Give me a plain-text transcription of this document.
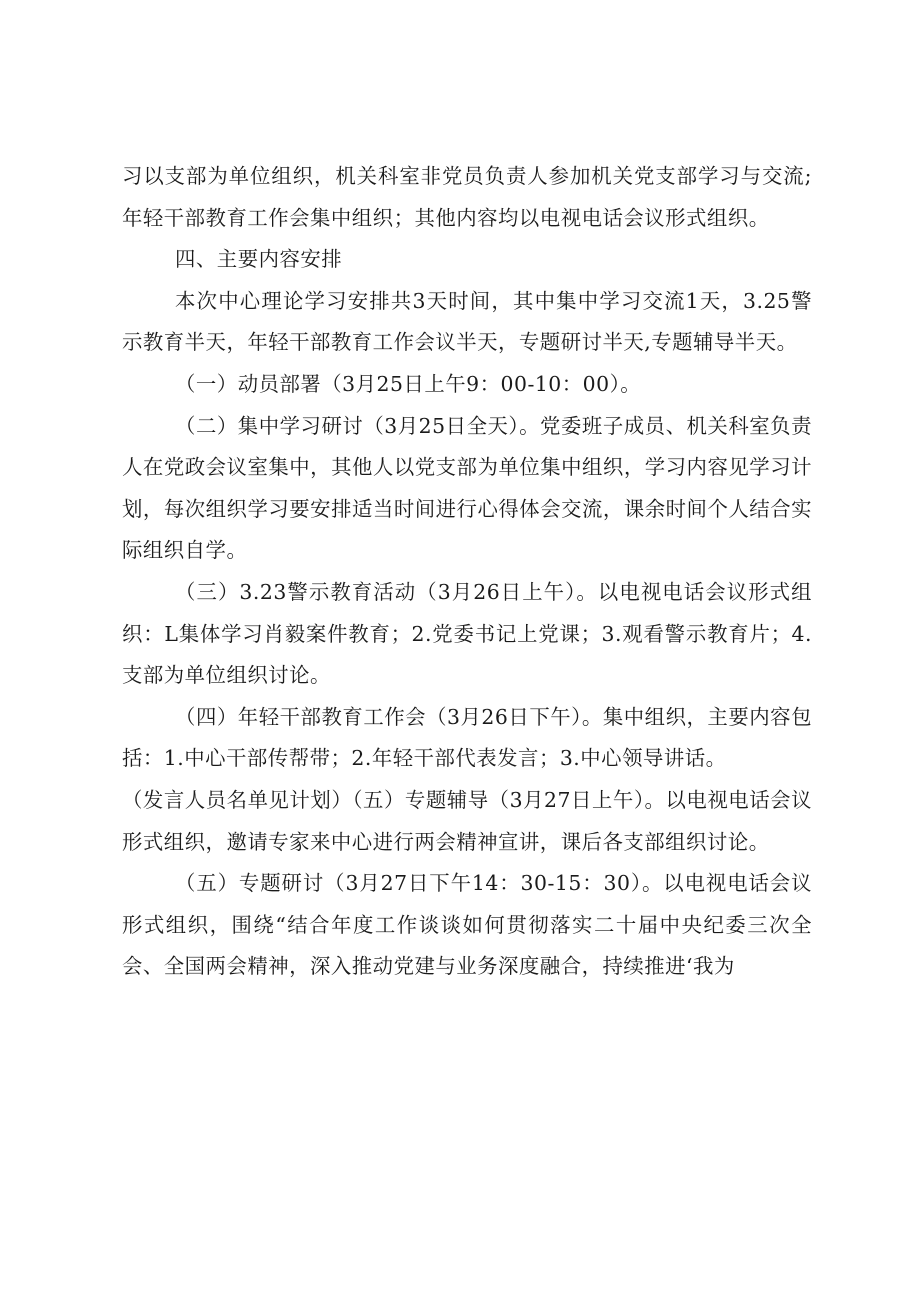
习以支部为单位组织，机关科室非党员负责人参加机关党支部学习与交流;年轻干部教育工作会集中组织；其他内容均以电视电话会议形式组织。

四、主要内容安排

本次中心理论学习安排共3天时间，其中集中学习交流1天，3.25警示教育半天，年轻干部教育工作会议半天，专题研讨半天,专题辅导半天。

（一）动员部署（3月25日上午9：00-10：00）。

（二）集中学习研讨（3月25日全天）。党委班子成员、机关科室负责人在党政会议室集中，其他人以党支部为单位集中组织，学习内容见学习计划，每次组织学习要安排适当时间进行心得体会交流，课余时间个人结合实际组织自学。

（三）3.23警示教育活动（3月26日上午）。以电视电话会议形式组织：L集体学习肖毅案件教育；2.党委书记上党课；3.观看警示教育片；4.支部为单位组织讨论。

（四）年轻干部教育工作会（3月26日下午）。集中组织，主要内容包括：1.中心干部传帮带；2.年轻干部代表发言；3.中心领导讲话。

（发言人员名单见计划）（五）专题辅导（3月27日上午）。以电视电话会议形式组织，邀请专家来中心进行两会精神宣讲，课后各支部组织讨论。

（五）专题研讨（3月27日下午14：30-15：30）。以电视电话会议形式组织，围绕“结合年度工作谈谈如何贯彻落实二十届中央纪委三次全会、全国两会精神，深入推动党建与业务深度融合，持续推进‘我为
